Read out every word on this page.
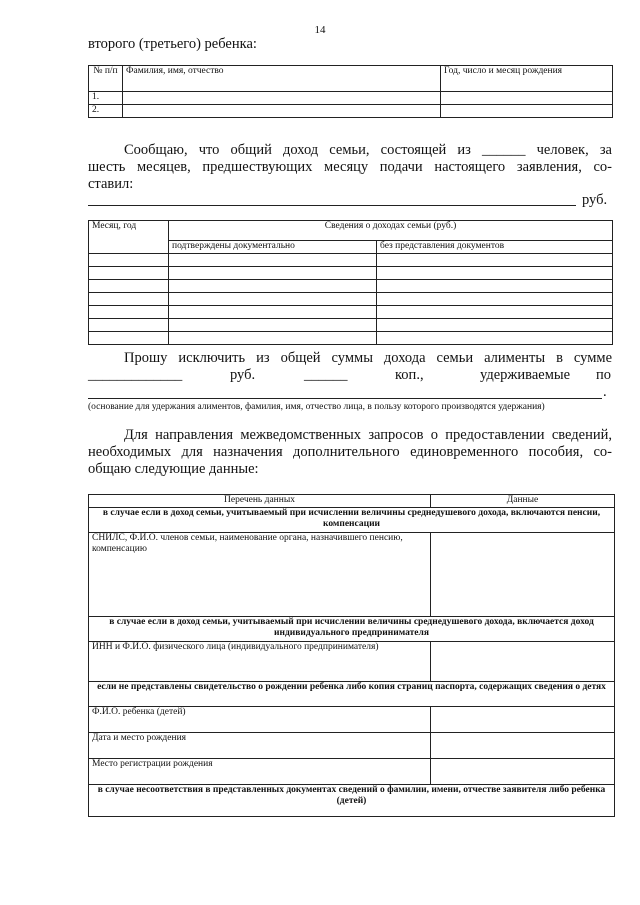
14
второго (третьего) ребенка:
№ п/п	Фамилия, имя, отчество	Год, число и месяц рождения
1.		
2.		
Сообщаю, что общий доход семьи, состоящей из ______ человек, за
шесть месяцев, предшествующих месяцу подачи настоящего заявления, со-
ставил:
руб.
Месяц, год	Сведения о доходах семьи (руб.)	
	подтверждены документально	без представления документов

Прошу исключить из общей суммы дохода семьи алименты в сумме
_____________	руб.	______	коп.,	удерживаемые по
.
(основание для удержания алиментов, фамилия, имя, отчество лица, в пользу которого производятся удержания)
Для направления межведомственных запросов о предоставлении сведений,
необходимых для назначения дополнительного единовременного пособия, со-
общаю следующие данные:
Перечень данных	Данные
в случае если в доход семьи, учитываемый при исчислении величины среднедушевого дохода, включаются пенсии, компенсации	
СНИЛС, Ф.И.О. членов семьи, наименование органа, назначившего пенсию, компенсацию	
в случае если в доход семьи, учитываемый при исчислении величины среднедушевого дохода, включается доход индивидуального предпринимателя	
ИНН и Ф.И.О. физического лица (индивидуального предпринимателя)	
если не представлены свидетельство о рождении ребенка либо копия страниц паспорта, содержащих сведения о детях	
Ф.И.О. ребенка (детей)	
Дата и место рождения	
Место регистрации рождения	
в случае несоответствия в представленных документах сведений о фамилии, имени, отчестве заявителя либо ребенка (детей)	
